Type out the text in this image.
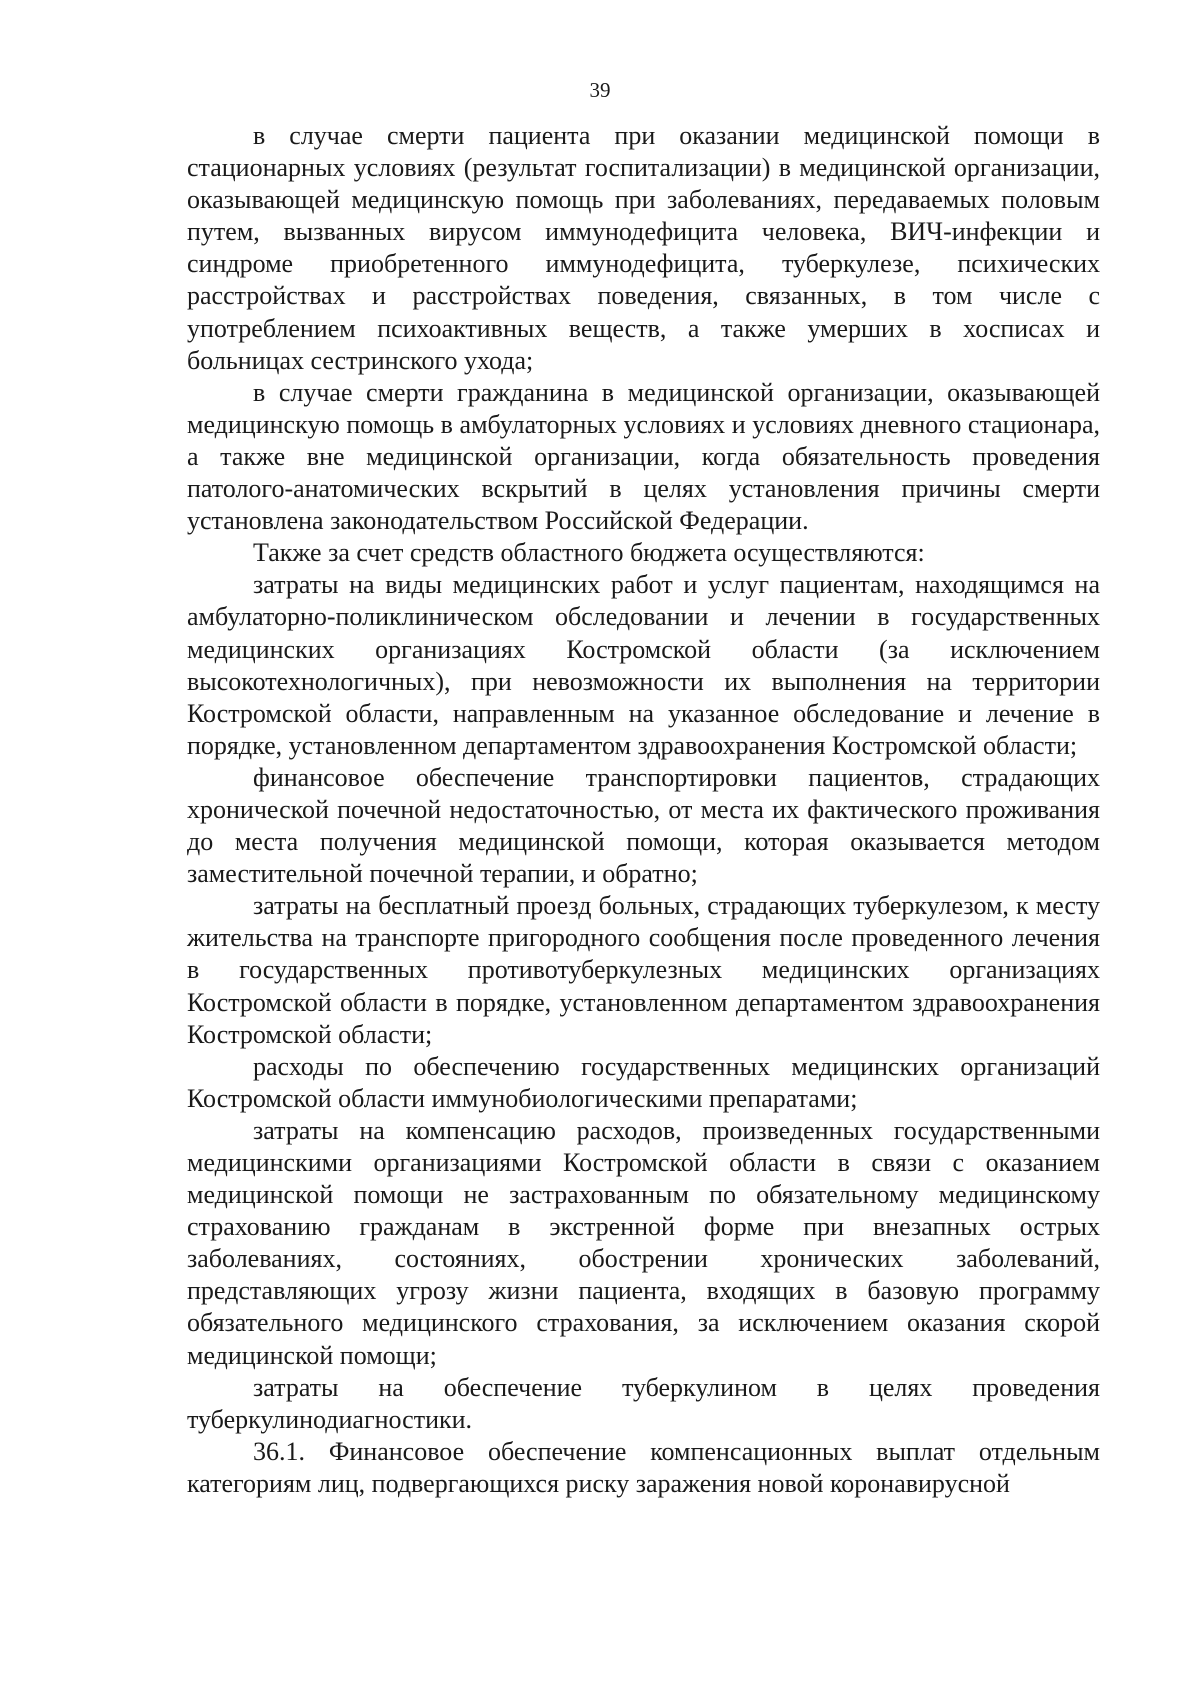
39

в случае смерти пациента при оказании медицинской помощи в стационарных условиях (результат госпитализации) в медицинской организации, оказывающей медицинскую помощь при заболеваниях, передаваемых половым путем, вызванных вирусом иммунодефицита человека, ВИЧ-инфекции и синдроме приобретенного иммунодефицита, туберкулезе, психических расстройствах и расстройствах поведения, связанных, в том числе с употреблением психоактивных веществ, а также умерших в хосписах и больницах сестринского ухода;

в случае смерти гражданина в медицинской организации, оказывающей медицинскую помощь в амбулаторных условиях и условиях дневного стационара, а также вне медицинской организации, когда обязательность проведения патолого-анатомических вскрытий в целях установления причины смерти установлена законодательством Российской Федерации.

Также за счет средств областного бюджета осуществляются:

затраты на виды медицинских работ и услуг пациентам, находящимся на амбулаторно-поликлиническом обследовании и лечении в государственных медицинских организациях Костромской области (за исключением высокотехнологичных), при невозможности их выполнения на территории Костромской области, направленным на указанное обследование и лечение в порядке, установленном департаментом здравоохранения Костромской области;

финансовое обеспечение транспортировки пациентов, страдающих хронической почечной недостаточностью, от места их фактического проживания до места получения медицинской помощи, которая оказывается методом заместительной почечной терапии, и обратно;

затраты на бесплатный проезд больных, страдающих туберкулезом, к месту жительства на транспорте пригородного сообщения после проведенного лечения в государственных противотуберкулезных медицинских организациях Костромской области в порядке, установленном департаментом здравоохранения Костромской области;

расходы по обеспечению государственных медицинских организаций Костромской области иммунобиологическими препаратами;

затраты на компенсацию расходов, произведенных государственными медицинскими организациями Костромской области в связи с оказанием медицинской помощи не застрахованным по обязательному медицинскому страхованию гражданам в экстренной форме при внезапных острых заболеваниях, состояниях, обострении хронических заболеваний, представляющих угрозу жизни пациента, входящих в базовую программу обязательного медицинского страхования, за исключением оказания скорой медицинской помощи;

затраты на обеспечение туберкулином в целях проведения туберкулинодиагностики.

36.1. Финансовое обеспечение компенсационных выплат отдельным категориям лиц, подвергающихся риску заражения новой коронавирусной
